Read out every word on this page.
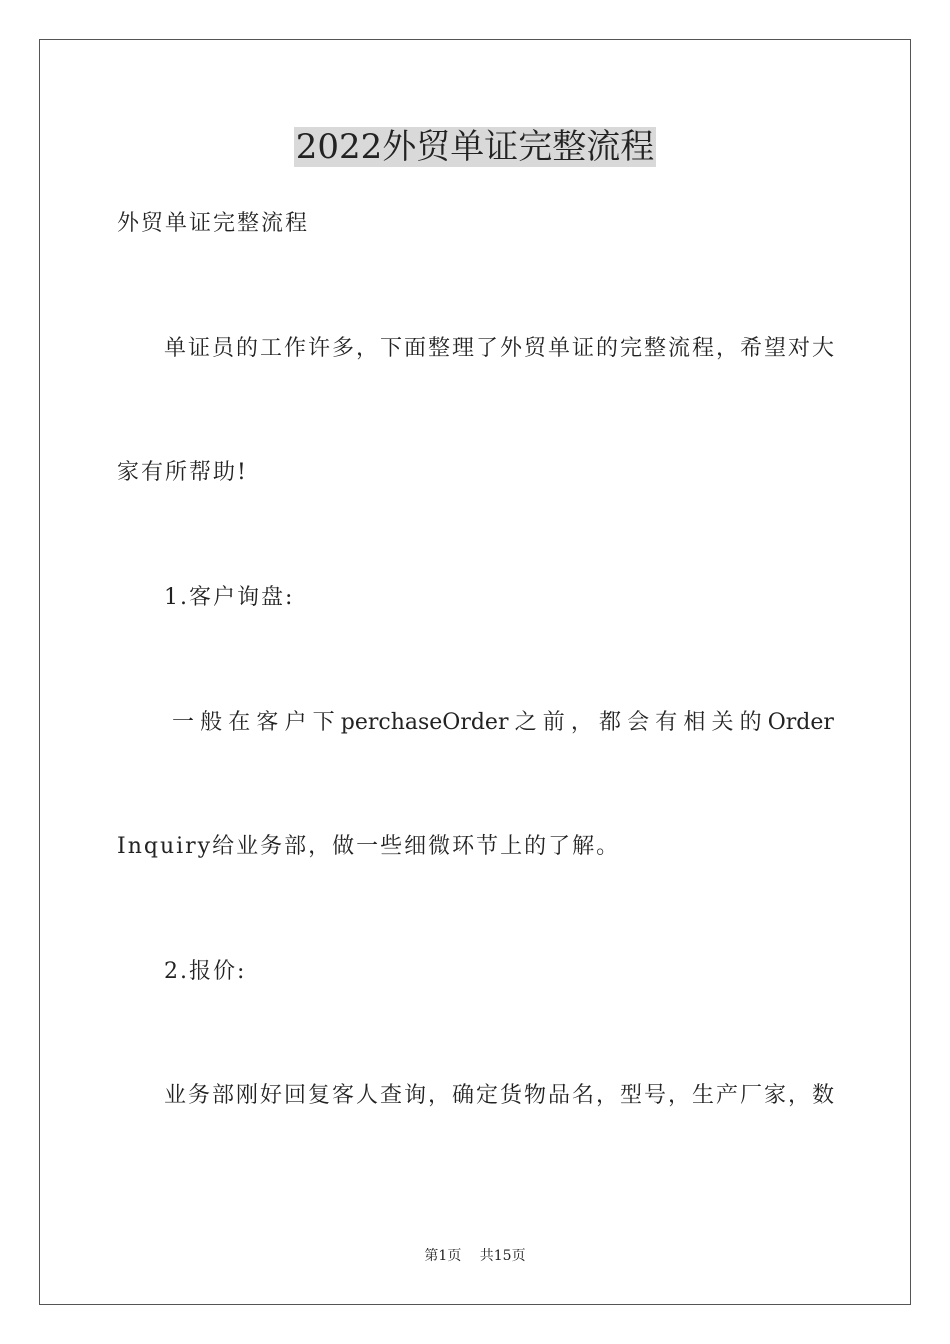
2022外贸单证完整流程
外贸单证完整流程
单证员的工作许多，下面整理了外贸单证的完整流程，希望对大
家有所帮助!
1.客户询盘:
一 般 在 客 户 下 perchaseOrder 之 前 ， 都 会 有 相 关 的 Order
Inquiry给业务部，做一些细微环节上的了解。
2.报价:
业务部刚好回复客人查询，确定货物品名，型号，生产厂家，数
第1页　 共15页
